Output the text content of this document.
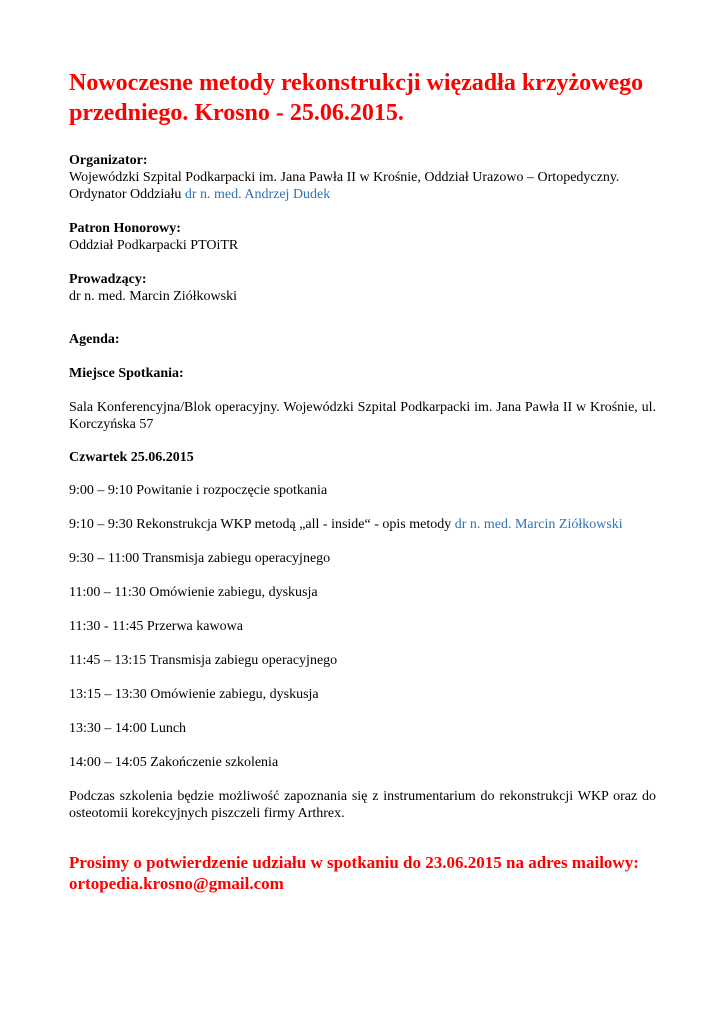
Nowoczesne metody rekonstrukcji więzadła krzyżowego
przedniego. Krosno - 25.06.2015.

Organizator:

Wojewódzki Szpital Podkarpacki im. Jana Pawła II w Krośnie, Oddział Urazowo – Ortopedyczny.

Ordynator Oddziału dr n. med. Andrzej Dudek

Patron Honorowy:

Oddział Podkarpacki PTOiTR

Prowadzący:

dr n. med. Marcin Ziółkowski

Agenda:

Miejsce Spotkania:

Sala Konferencyjna/Blok operacyjny. Wojewódzki Szpital Podkarpacki im. Jana Pawła II w Krośnie, ul. Korczyńska 57

Czwartek 25.06.2015

9:00 – 9:10 Powitanie i rozpoczęcie spotkania

9:10 – 9:30 Rekonstrukcja WKP metodą „all - inside“ - opis metody dr n. med. Marcin Ziółkowski

9:30 – 11:00 Transmisja zabiegu operacyjnego

11:00 – 11:30 Omówienie zabiegu, dyskusja

11:30 - 11:45 Przerwa kawowa

11:45 – 13:15 Transmisja zabiegu operacyjnego

13:15 – 13:30 Omówienie zabiegu, dyskusja

13:30 – 14:00 Lunch

14:00 – 14:05 Zakończenie szkolenia

Podczas szkolenia będzie możliwość zapoznania się z instrumentarium do rekonstrukcji WKP oraz do osteotomii korekcyjnych piszczeli firmy Arthrex.

Prosimy o potwierdzenie udziału w spotkaniu do 23.06.2015 na adres mailowy:

ortopedia.krosno@gmail.com
